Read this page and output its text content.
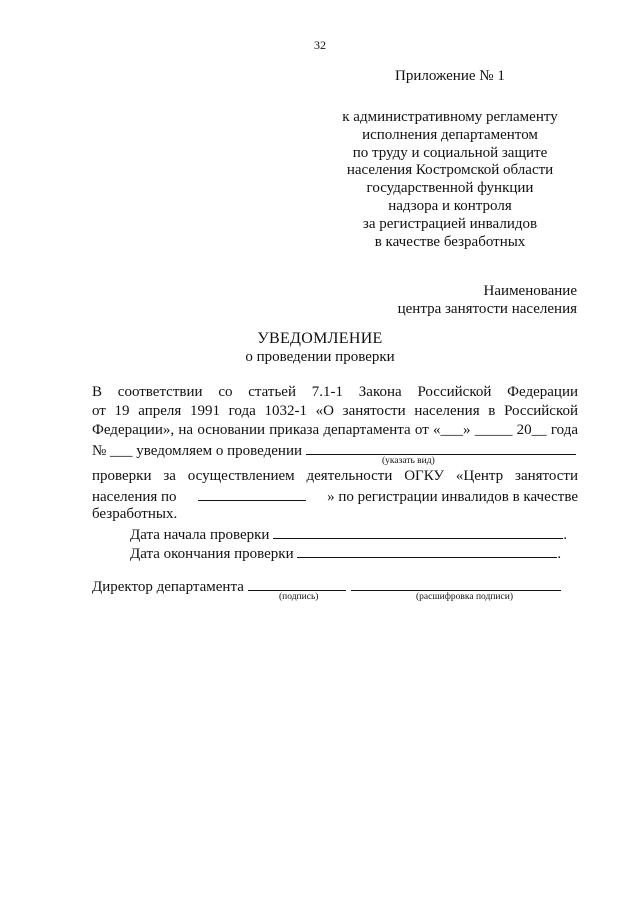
32
Приложение № 1
к административному регламенту
исполнения департаментом
по труду и социальной защите
населения Костромской области
государственной функции
надзора и контроля
за регистрацией инвалидов
в качестве безработных
Наименование
центра занятости населения
УВЕДОМЛЕНИЕ
о проведении проверки
В соответствии со статьей 7.1-1 Закона Российской Федерации
от 19 апреля 1991 года 1032-1 «О занятости населения в Российской
Федерации», на основании приказа департамента от «___» _____ 20__ года
№ ___ уведомляем о проведении
(указать вид)
проверки за осуществлением деятельности ОГКУ «Центр занятости
населения по	» по регистрации инвалидов в качестве
безработных.
Дата начала проверки	.
Дата окончания проверки	.
Директор департамента
(подпись)	(расшифровка подписи)
